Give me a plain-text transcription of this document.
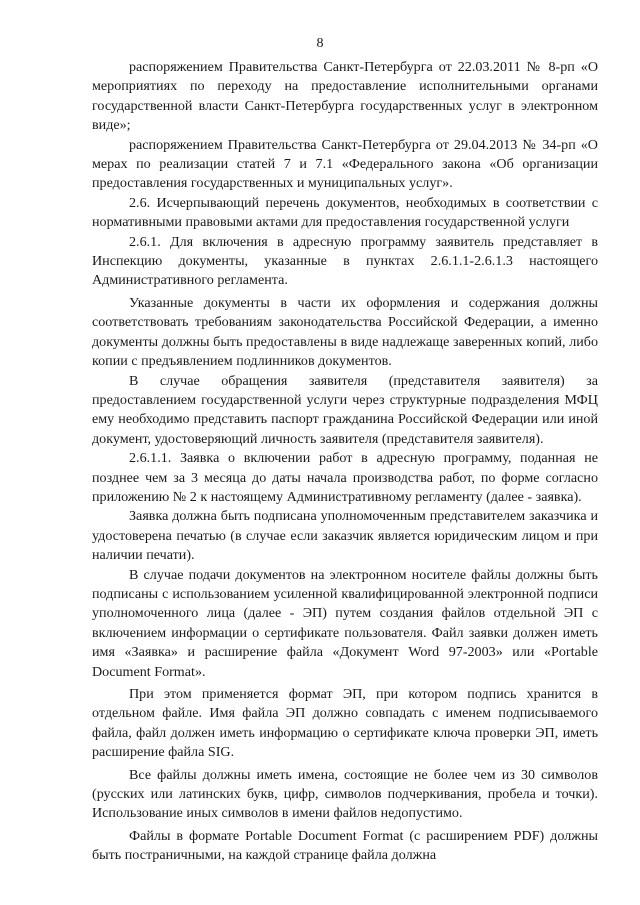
8

распоряжением Правительства Санкт-Петербурга от 22.03.2011 № 8-рп «О мероприятиях по переходу на предоставление исполнительными органами государственной власти Санкт-Петербурга государственных услуг в электронном виде»;

распоряжением Правительства Санкт-Петербурга от 29.04.2013 № 34-рп «О мерах по реализации статей 7 и 7.1 «Федерального закона «Об организации предоставления государственных и муниципальных услуг».

2.6. Исчерпывающий перечень документов, необходимых в соответствии с нормативными правовыми актами для предоставления государственной услуги

2.6.1. Для включения в адресную программу заявитель представляет в Инспекцию документы, указанные в пунктах 2.6.1.1-2.6.1.3 настоящего Административного регламента.

Указанные документы в части их оформления и содержания должны соответствовать требованиям законодательства Российской Федерации, а именно документы должны быть предоставлены в виде надлежаще заверенных копий, либо копии с предъявлением подлинников документов.

В случае обращения заявителя (представителя заявителя) за предоставлением государственной услуги через структурные подразделения МФЦ ему необходимо представить паспорт гражданина Российской Федерации или иной документ, удостоверяющий личность заявителя (представителя заявителя).

2.6.1.1. Заявка о включении работ в адресную программу, поданная не позднее чем за 3 месяца до даты начала производства работ, по форме согласно приложению № 2 к настоящему Административному регламенту (далее - заявка).

Заявка должна быть подписана уполномоченным представителем заказчика и удостоверена печатью (в случае если заказчик является юридическим лицом и при наличии печати).

В случае подачи документов на электронном носителе файлы должны быть подписаны с использованием усиленной квалифицированной электронной подписи уполномоченного лица (далее - ЭП) путем создания файлов отдельной ЭП с включением информации о сертификате пользователя. Файл заявки должен иметь имя «Заявка» и расширение файла «Документ Word 97-2003» или «Portable Document Format».

При этом применяется формат ЭП, при котором подпись хранится в отдельном файле. Имя файла ЭП должно совпадать с именем подписываемого файла, файл должен иметь информацию о сертификате ключа проверки ЭП, иметь расширение файла SIG.

Все файлы должны иметь имена, состоящие не более чем из 30 символов (русских или латинских букв, цифр, символов подчеркивания, пробела и точки). Использование иных символов в имени файлов недопустимо.

Файлы в формате Portable Document Format (с расширением PDF) должны быть постраничными, на каждой странице файла должна
